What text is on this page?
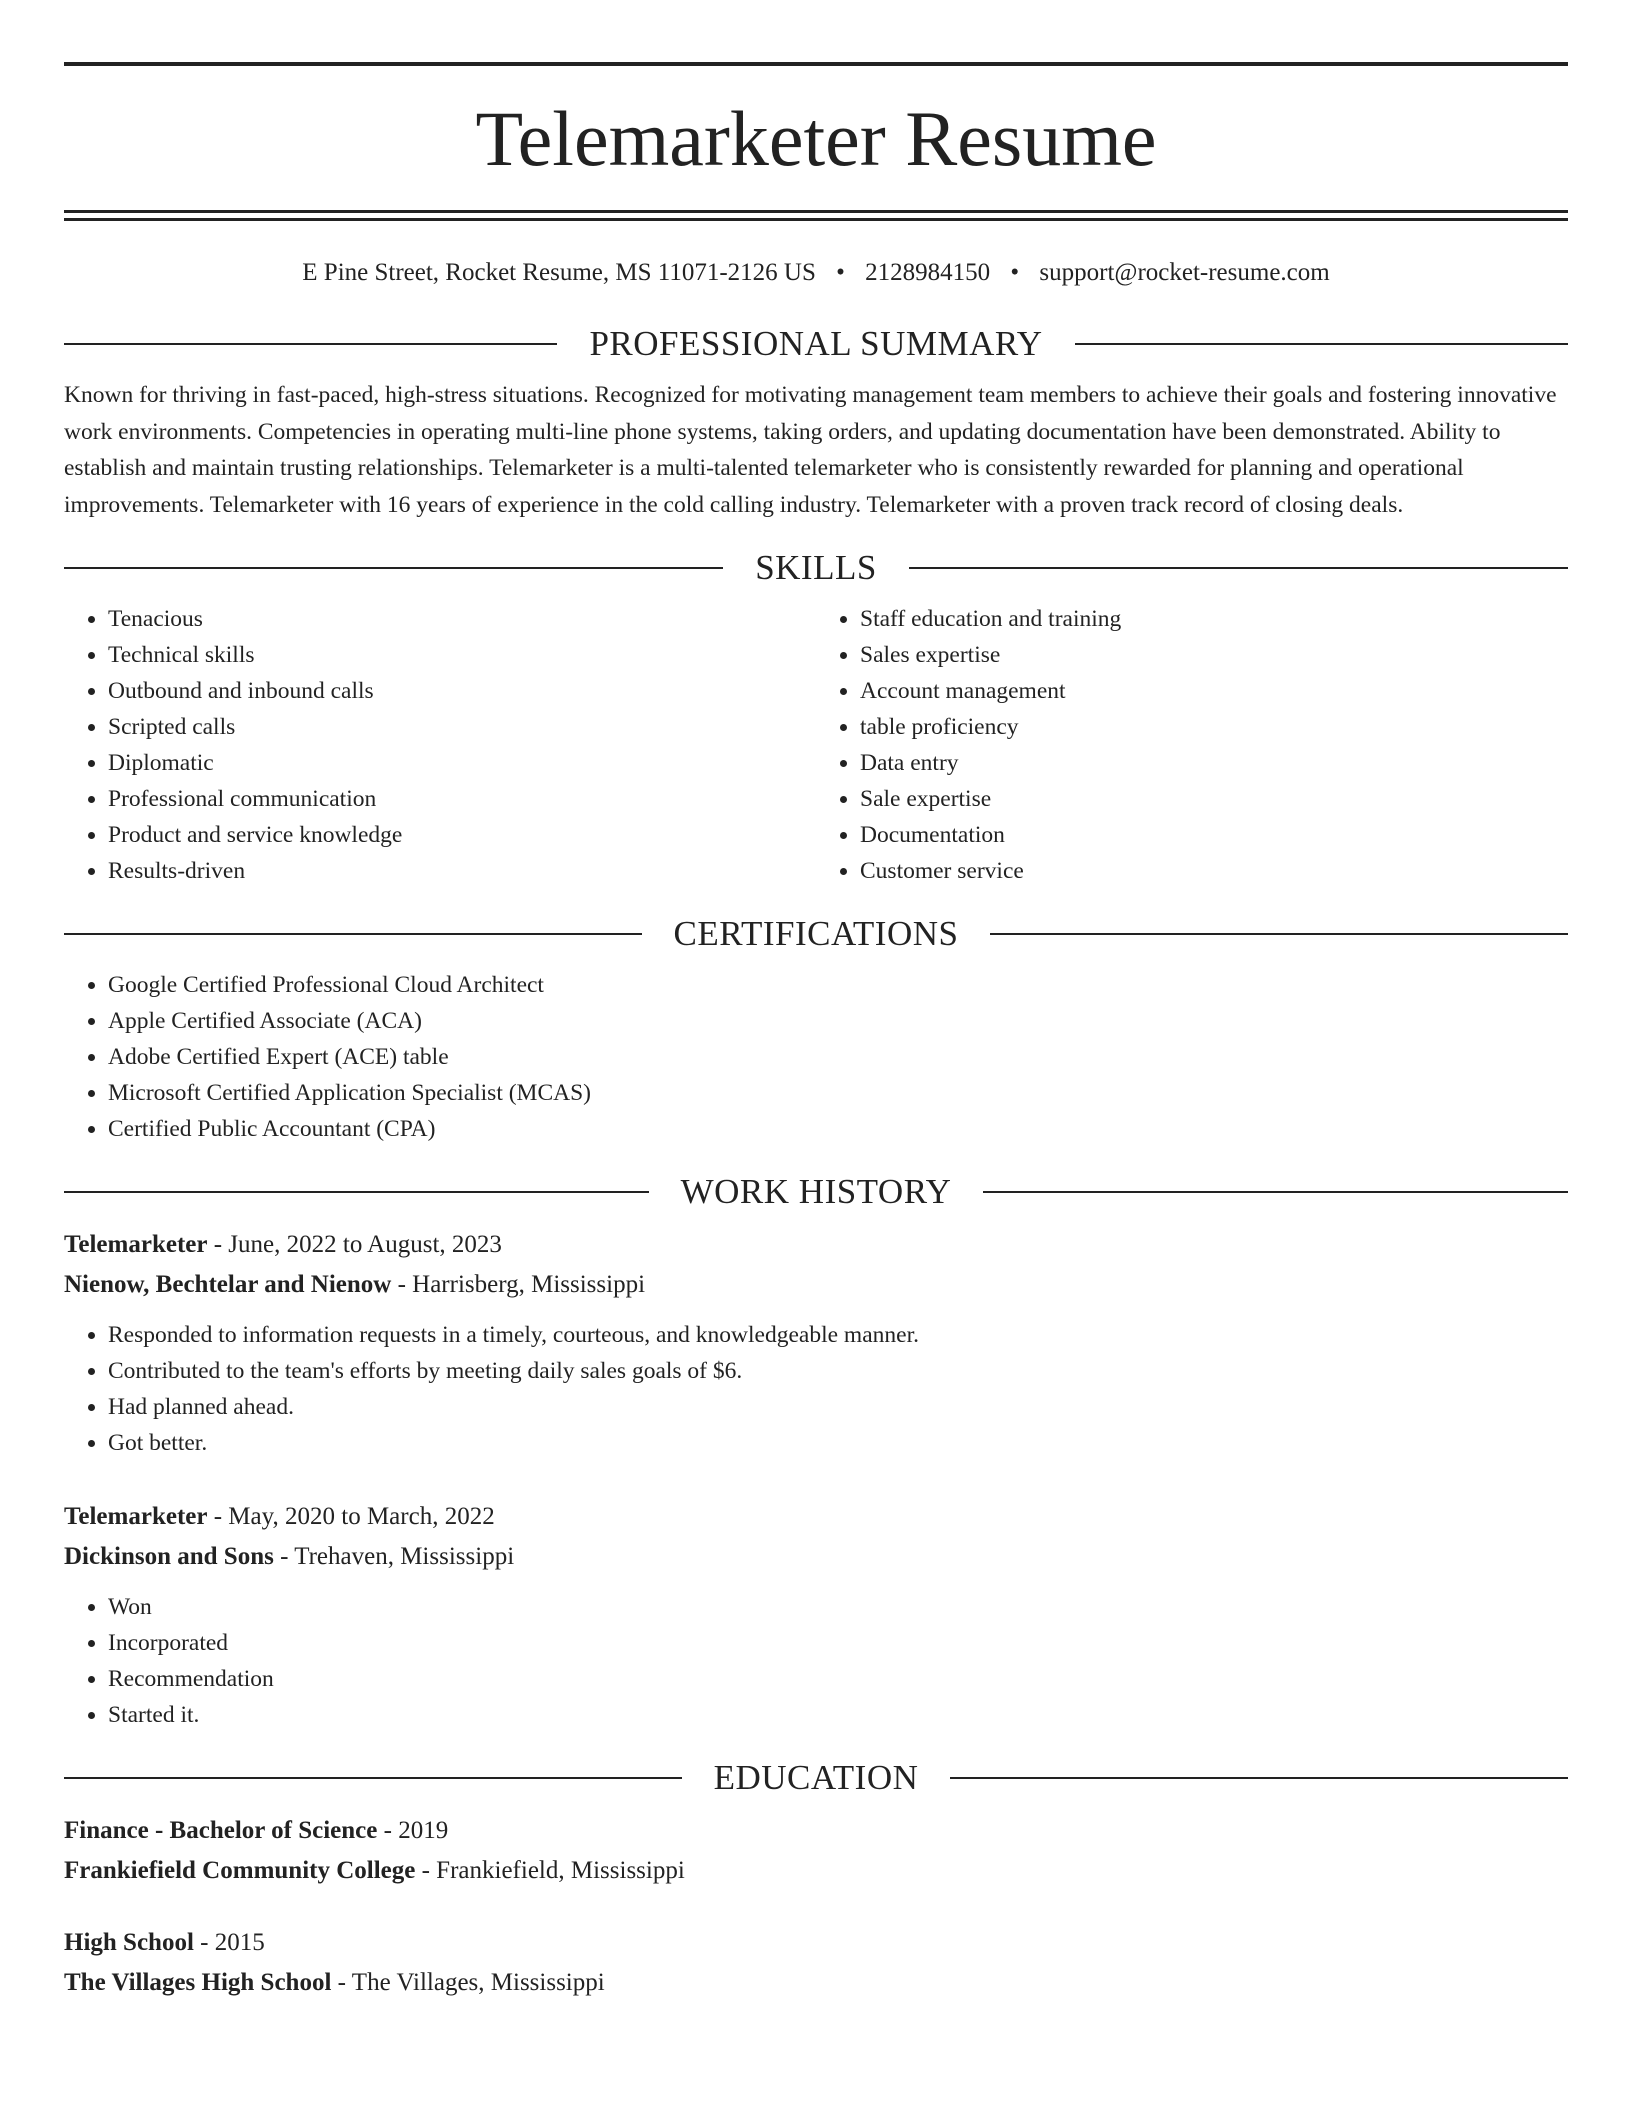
Telemarketer Resume
E Pine Street, Rocket Resume, MS 11071-2126 US • 2128984150 • support@rocket-resume.com
PROFESSIONAL SUMMARY

Known for thriving in fast-paced, high-stress situations. Recognized for motivating management team members to achieve their goals and fostering innovative work environments. Competencies in operating multi-line phone systems, taking orders, and updating documentation have been demonstrated. Ability to establish and maintain trusting relationships. Telemarketer is a multi-talented telemarketer who is consistently rewarded for planning and operational improvements. Telemarketer with 16 years of experience in the cold calling industry. Telemarketer with a proven track record of closing deals.

SKILLS
• Tenacious
• Technical skills
• Outbound and inbound calls
• Scripted calls
• Diplomatic
• Professional communication
• Product and service knowledge
• Results-driven
• Staff education and training
• Sales expertise
• Account management
• table proficiency
• Data entry
• Sale expertise
• Documentation
• Customer service
CERTIFICATIONS
• Google Certified Professional Cloud Architect
• Apple Certified Associate (ACA)
• Adobe Certified Expert (ACE) table
• Microsoft Certified Application Specialist (MCAS)
• Certified Public Accountant (CPA)
WORK HISTORY
Telemarketer - June, 2022 to August, 2023
Nienow, Bechtelar and Nienow - Harrisberg, Mississippi
• Responded to information requests in a timely, courteous, and knowledgeable manner.
• Contributed to the team's efforts by meeting daily sales goals of $6.
• Had planned ahead.
• Got better.
Telemarketer - May, 2020 to March, 2022
Dickinson and Sons - Trehaven, Mississippi
• Won
• Incorporated
• Recommendation
• Started it.
EDUCATION
Finance - Bachelor of Science - 2019
Frankiefield Community College - Frankiefield, Mississippi
High School - 2015
The Villages High School - The Villages, Mississippi
